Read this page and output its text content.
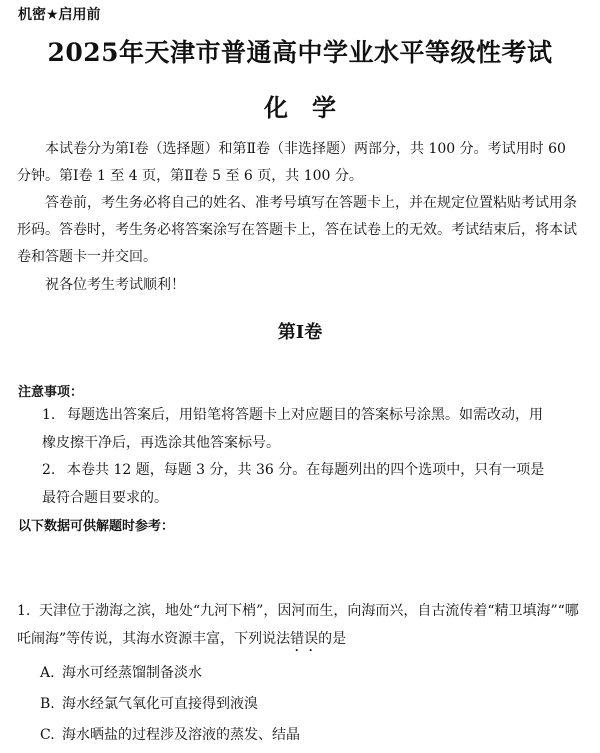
机密★启用前
2025年天津市普通高中学业水平等级性考试
化学
本试卷分为第Ⅰ卷（选择题）和第Ⅱ卷（非选择题）两部分，共 100 分。考试用时 60 分钟。第Ⅰ卷 1 至 4 页，第Ⅱ卷 5 至 6 页，共 100 分。
答卷前，考生务必将自己的姓名、准考号填写在答题卡上，并在规定位置粘贴考试用条形码。答卷时，考生务必将答案涂写在答题卡上，答在试卷上的无效。考试结束后，将本试卷和答题卡一并交回。
祝各位考生考试顺利！
第Ⅰ卷
注意事项：
1. 每题选出答案后，用铅笔将答题卡上对应题目的答案标号涂黑。如需改动，用橡皮擦干净后，再选涂其他答案标号。
2. 本卷共 12 题，每题 3 分，共 36 分。在每题列出的四个选项中，只有一项是最符合题目要求的。
以下数据可供解题时参考：
1. 天津位于渤海之滨，地处“九河下梢”，因河而生，向海而兴，自古流传着“精卫填海”“哪吒闹海”等传说，其海水资源丰富，下列说法错误的是
A. 海水可经蒸馏制备淡水
B. 海水经氯气氧化可直接得到液溴
C. 海水晒盐的过程涉及溶液的蒸发、结晶
